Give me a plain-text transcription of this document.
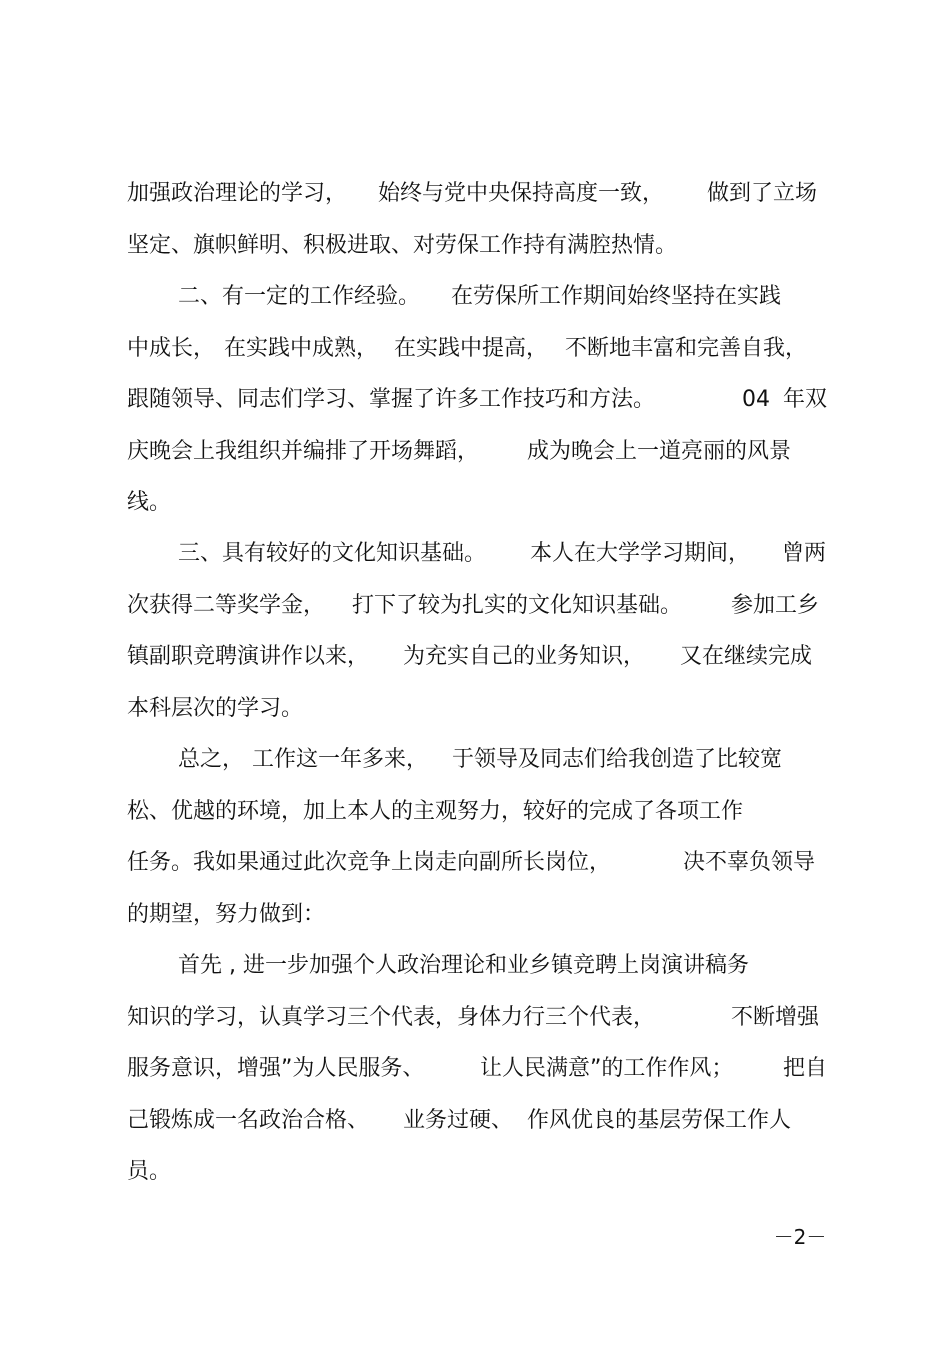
加强政治理论的学习，

始终与党中央保持高度一致，

做到了立场

坚定、旗帜鲜明、积极进取、对劳保工作持有满腔热情。

二、有一定的工作经验。

在劳保所工作期间始终坚持在实践

中成长，

在实践中成熟，

在实践中提高，

不断地丰富和完善自我，

跟随领导、同志们学习、掌握了许多工作技巧和方法。

	04

年双

庆晚会上我组织并编排了开场舞蹈，

成为晚会上一道亮丽的风景

线。

三、具有较好的文化知识基础。

本人在大学学习期间，

曾两

次获得二等奖学金，

打下了较为扎实的文化知识基础。

参加工乡

镇副职竞聘演讲作以来，

为充实自己的业务知识，

又在继续完成

本科层次的学习。

总之，

工作这一年多来，

于领导及同志们给我创造了比较宽

松、优越的环境，加上本人的主观努力，较好的完成了各项工作

任务。我如果通过此次竞争上岗走向副所长岗位，

	决不辜负领导

的期望，努力做到：

首先 , 进一步加强个人政治理论和业乡镇竞聘上岗演讲稿务

知识的学习，认真学习三个代表，身体力行三个代表，

	不断增强

服务意识，增强”为人民服务、

	让人民满意”的工作作风；

把自

己锻炼成一名政治合格、

业务过硬、

作风优良的基层劳保工作人

员。

－2－
